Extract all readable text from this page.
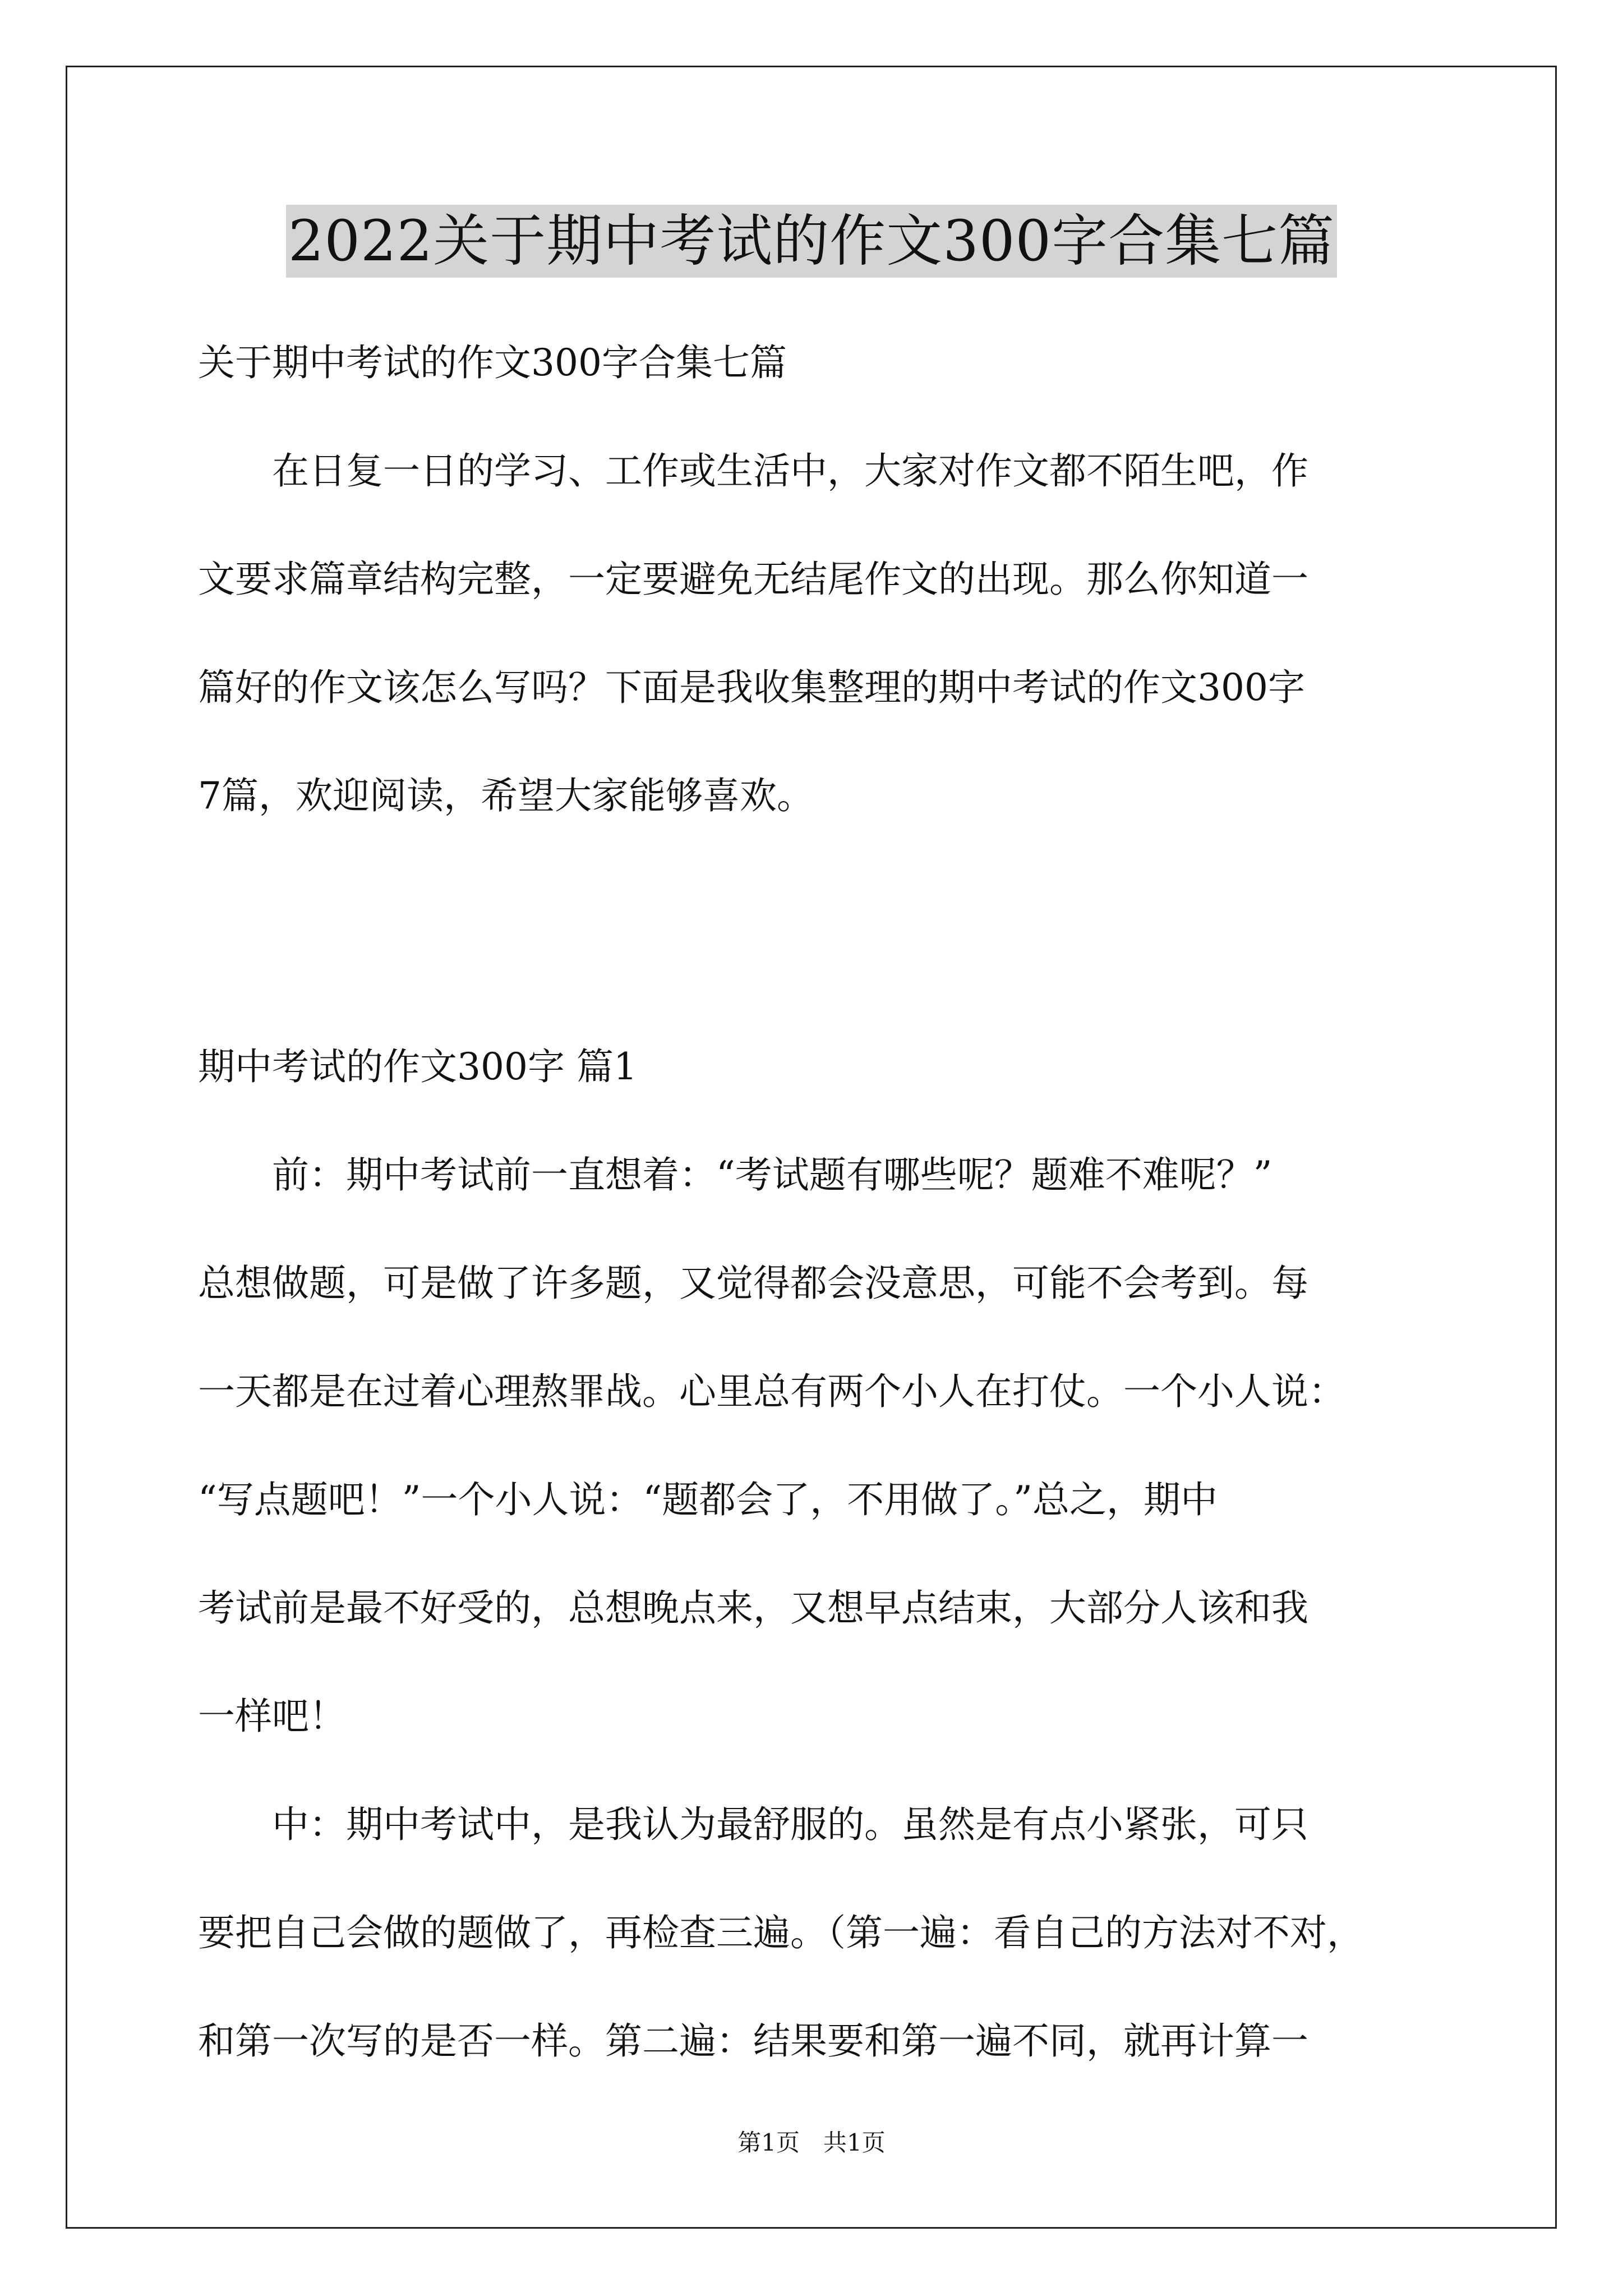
2022关于期中考试的作文300字合集七篇
关于期中考试的作文300字合集七篇
　　在日复一日的学习、工作或生活中，大家对作文都不陌生吧，作
文要求篇章结构完整，一定要避免无结尾作文的出现。那么你知道一
篇好的作文该怎么写吗？下面是我收集整理的期中考试的作文300字
7篇，欢迎阅读，希望大家能够喜欢。
期中考试的作文300字 篇1
　　前：期中考试前一直想着：“考试题有哪些呢？题难不难呢？”
总想做题，可是做了许多题，又觉得都会没意思，可能不会考到。每
一天都是在过着心理熬罪战。心里总有两个小人在打仗。一个小人说：
“写点题吧！”一个小人说：“题都会了，不用做了。”总之，期中
考试前是最不好受的，总想晚点来，又想早点结束，大部分人该和我
一样吧！
　　中：期中考试中，是我认为最舒服的。虽然是有点小紧张，可只
要把自己会做的题做了，再检查三遍。（第一遍：看自己的方法对不对，
和第一次写的是否一样。第二遍：结果要和第一遍不同，就再计算一
第1页　共1页
